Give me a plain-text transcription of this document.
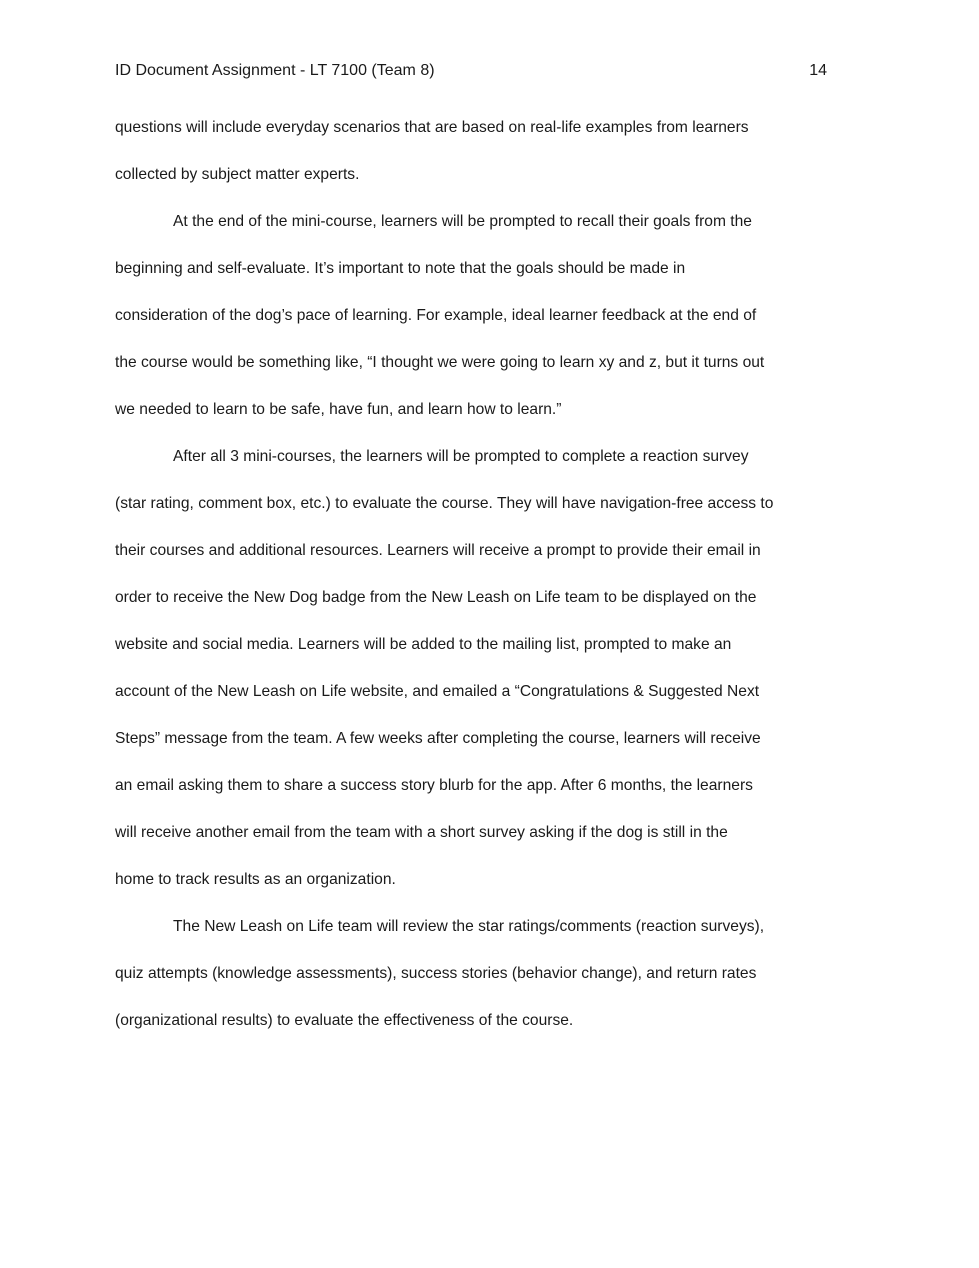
ID Document Assignment - LT 7100 (Team 8)	14

questions will include everyday scenarios that are based on real-life examples from learners
collected by subject matter experts.

At the end of the mini-course, learners will be prompted to recall their goals from the
beginning and self-evaluate. It’s important to note that the goals should be made in
consideration of the dog’s pace of learning. For example, ideal learner feedback at the end of
the course would be something like, “I thought we were going to learn xy and z, but it turns out
we needed to learn to be safe, have fun, and learn how to learn.”

After all 3 mini-courses, the learners will be prompted to complete a reaction survey
(star rating, comment box, etc.) to evaluate the course. They will have navigation-free access to
their courses and additional resources. Learners will receive a prompt to provide their email in
order to receive the New Dog badge from the New Leash on Life team to be displayed on the
website and social media. Learners will be added to the mailing list, prompted to make an
account of the New Leash on Life website, and emailed a “Congratulations & Suggested Next
Steps” message from the team. A few weeks after completing the course, learners will receive
an email asking them to share a success story blurb for the app. After 6 months, the learners
will receive another email from the team with a short survey asking if the dog is still in the
home to track results as an organization.

The New Leash on Life team will review the star ratings/comments (reaction surveys),
quiz attempts (knowledge assessments), success stories (behavior change), and return rates
(organizational results) to evaluate the effectiveness of the course.
